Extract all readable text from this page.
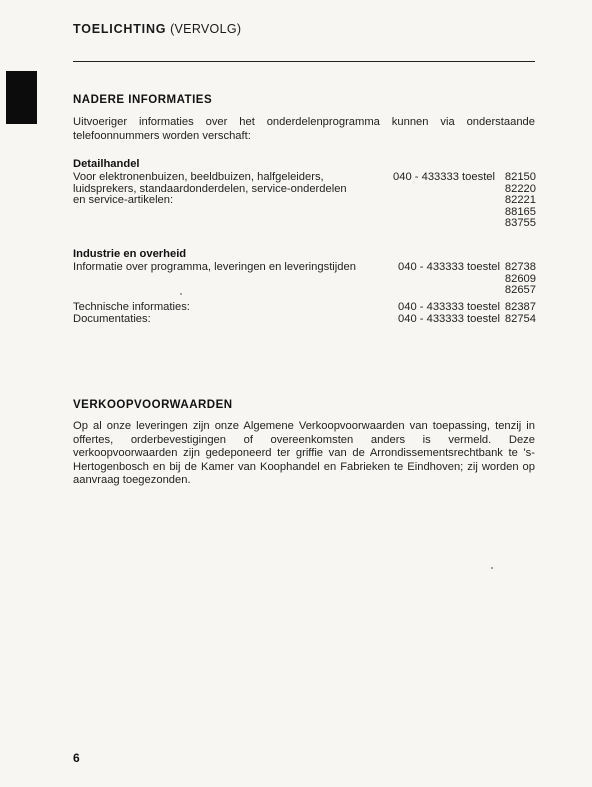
TOELICHTING (VERVOLG)
NADERE INFORMATIES
Uitvoeriger informaties over het onderdelenprogramma kunnen via onderstaande telefoonnummers worden verschaft:
Detailhandel
Voor elektronenbuizen, beeldbuizen, halfgeleiders,	040 - 433333 toestel 82150
luidsprekers, standaardonderdelen, service-onderdelen	82220
en service-artikelen:	82221
88165
83755
Industrie en overheid
Informatie over programma, leveringen en leveringstijden	040 - 433333 toestel 82738
82609
82657
Technische informaties:	040 - 433333 toestel 82387
Documentaties:	040 - 433333 toestel 82754
VERKOOPVOORWAARDEN
Op al onze leveringen zijn onze Algemene Verkoopvoorwaarden van toepassing, tenzij in offertes, orderbevestigingen of overeenkomsten anders is vermeld. Deze verkoopvoorwaarden zijn gedeponeerd ter griffie van de Arrondissementsrechtbank te 's-Hertogenbosch en bij de Kamer van Koophandel en Fabrieken te Eindhoven; zij worden op aanvraag toegezonden.
6
